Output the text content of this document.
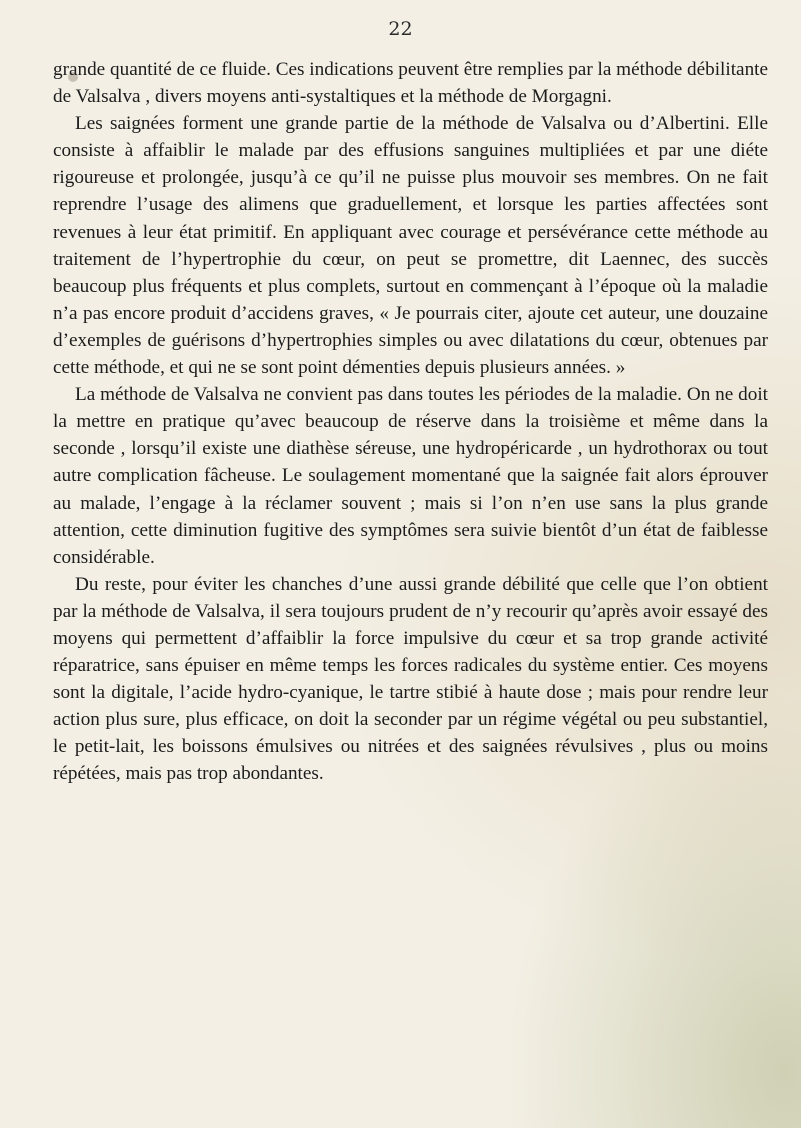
22

grande quantité de ce fluide. Ces indications peuvent être remplies par la méthode débilitante de Valsalva , divers moyens anti-systaltiques et la méthode de Morgagni.

Les saignées forment une grande partie de la méthode de Valsalva ou d’Albertini. Elle consiste à affaiblir le malade par des effusions sanguines multipliées et par une diéte rigoureuse et prolongée, jusqu’à ce qu’il ne puisse plus mouvoir ses membres. On ne fait reprendre l’usage des alimens que graduellement, et lorsque les parties affectées sont revenues à leur état primitif. En appliquant avec courage et persévérance cette méthode au traitement de l’hypertrophie du cœur, on peut se promettre, dit Laennec, des succès beaucoup plus fréquents et plus complets, surtout en commençant à l’époque où la maladie n’a pas encore produit d’accidens graves, « Je pourrais citer, ajoute cet auteur, une douzaine d’exemples de guérisons d’hypertrophies simples ou avec dilatations du cœur, obtenues par cette méthode, et qui ne se sont point démenties depuis plusieurs années. »

La méthode de Valsalva ne convient pas dans toutes les périodes de la maladie. On ne doit la mettre en pratique qu’avec beaucoup de réserve dans la troisième et même dans la seconde , lorsqu’il existe une diathèse séreuse, une hydropéricarde , un hydrothorax ou tout autre complication fâcheuse. Le soulagement momentané que la saignée fait alors éprouver au malade, l’engage à la réclamer souvent ; mais si l’on n’en use sans la plus grande attention, cette diminution fugitive des symptômes sera suivie bientôt d’un état de faiblesse considérable.

Du reste, pour éviter les chanches d’une aussi grande débilité que celle que l’on obtient par la méthode de Valsalva, il sera toujours prudent de n’y recourir qu’après avoir essayé des moyens qui permettent d’affaiblir la force impulsive du cœur et sa trop grande activité réparatrice, sans épuiser en même temps les forces radicales du système entier. Ces moyens sont la digitale, l’acide hydro-cyanique, le tartre stibié à haute dose ; mais pour rendre leur action plus sure, plus efficace, on doit la seconder par un régime végétal ou peu substantiel, le petit-lait, les boissons émulsives ou nitrées et des saignées révulsives , plus ou moins répétées, mais pas trop abondantes.
